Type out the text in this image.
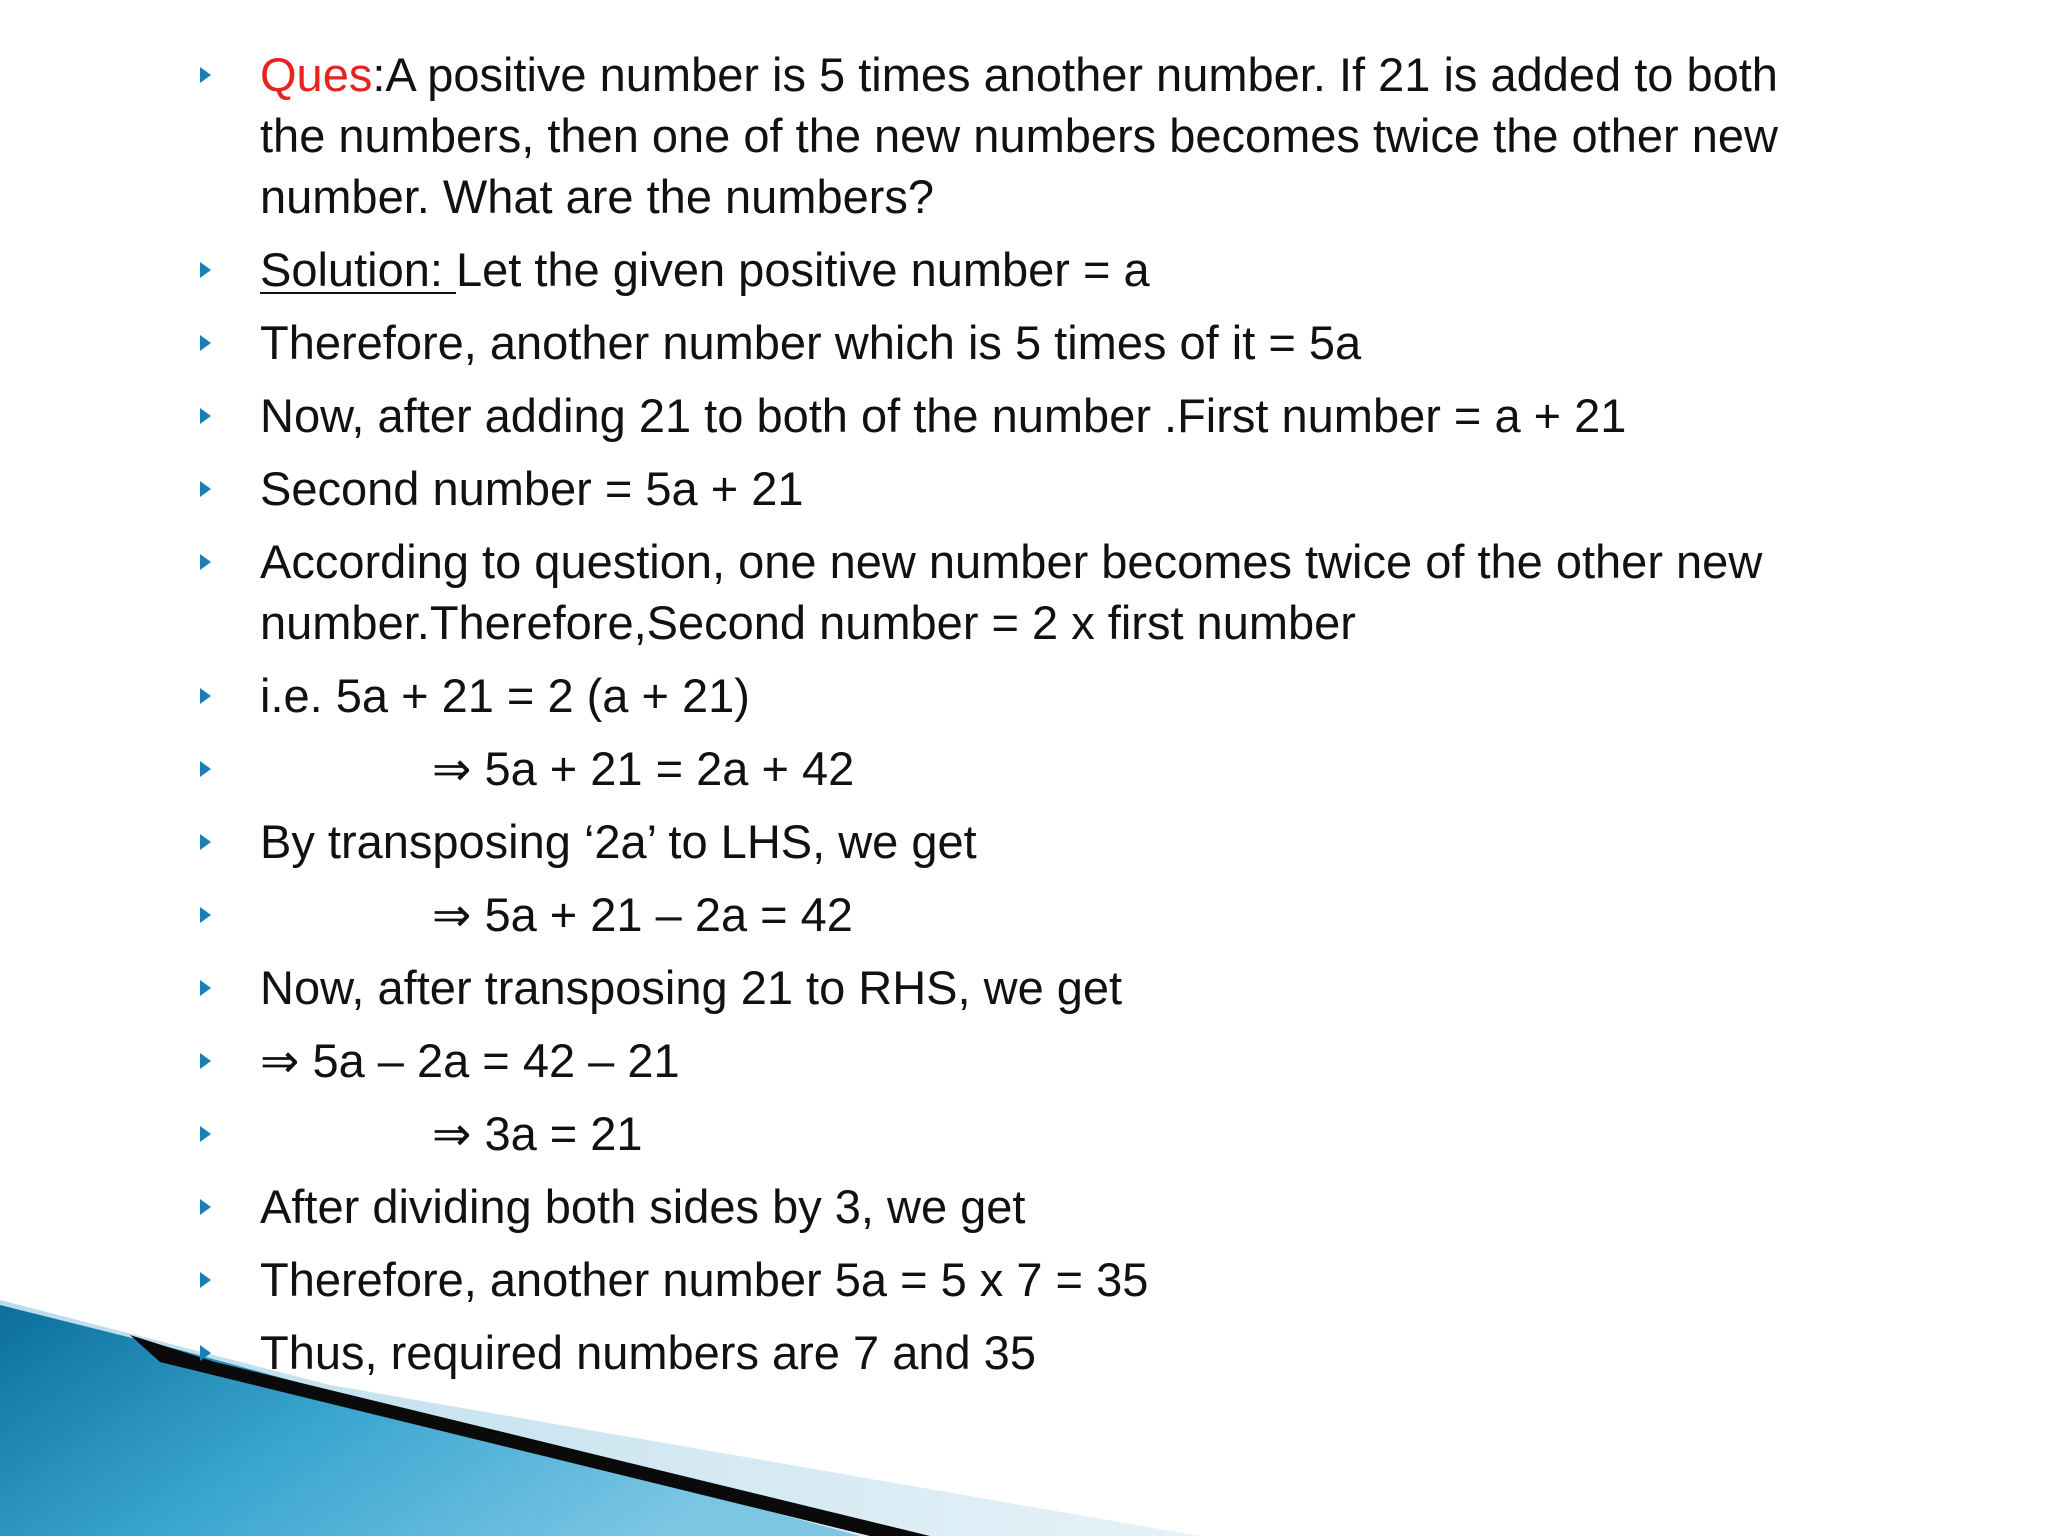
Ques:A positive number is 5 times another number. If 21 is added to both the numbers, then one of the new numbers becomes twice the other new number. What are the numbers?
Solution: Let the given positive number = a
Therefore, another number which is 5 times of it = 5a
Now, after adding 21 to both of the number .First number = a + 21
Second number = 5a + 21
According to question, one new number becomes twice of the other new number.Therefore,Second number = 2 x first number
i.e. 5a + 21 = 2 (a + 21)
⇒ 5a + 21 = 2a + 42
By transposing ‘2a’ to LHS, we get
⇒ 5a + 21 – 2a = 42
Now, after transposing 21 to RHS, we get
⇒ 5a – 2a = 42 – 21
⇒ 3a = 21
After dividing both sides by 3, we get
Therefore, another number 5a = 5 x 7 = 35
Thus, required numbers are 7 and 35
